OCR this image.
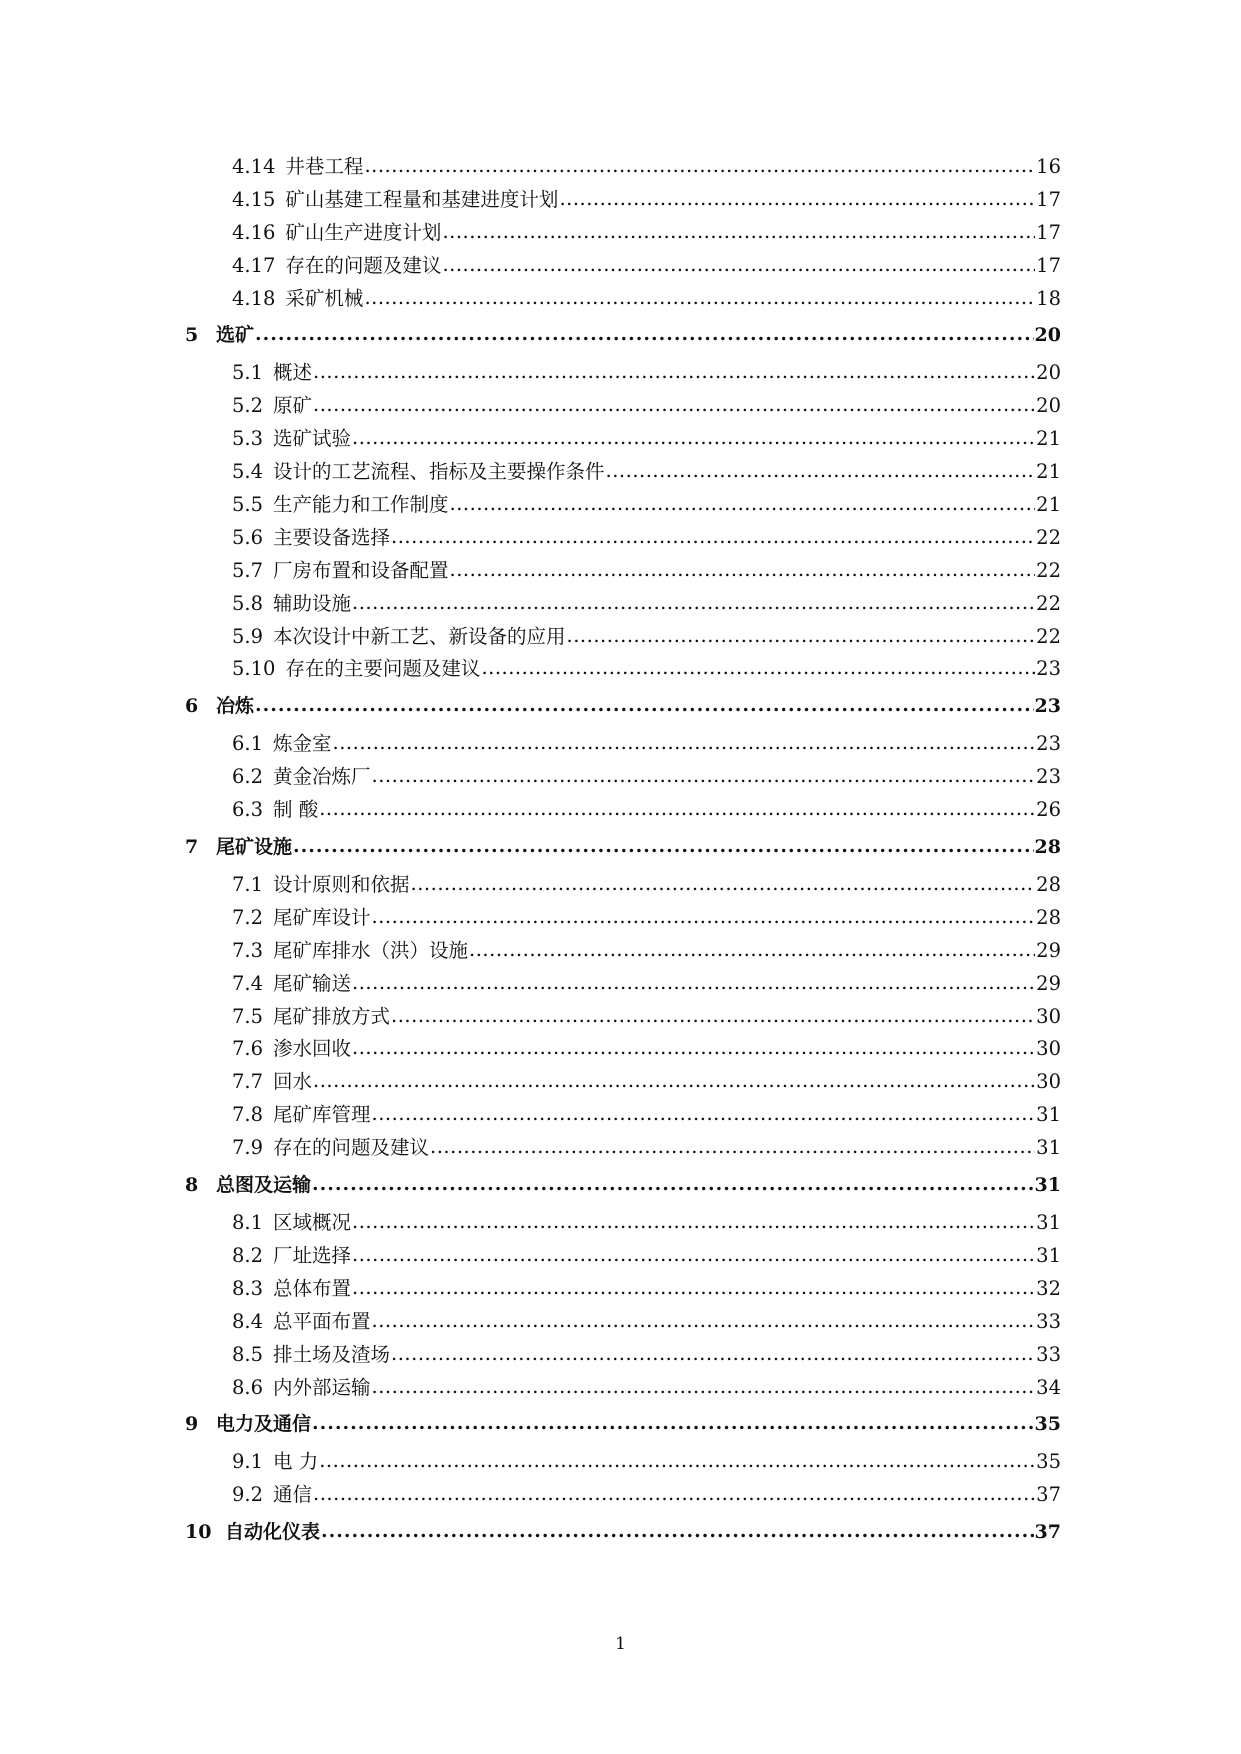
4.14 井巷工程 .....	16
4.15 矿山基建工程量和基建进度计划 .....	17
4.16 矿山生产进度计划 .....	17
4.17 存在的问题及建议 .....	17
4.18 采矿机械 .....	18
5 选矿 .....	20
5.1 概述 .....	20
5.2 原矿 .....	20
5.3 选矿试验 .....	21
5.4 设计的工艺流程、指标及主要操作条件 .....	21
5.5 生产能力和工作制度 .....	21
5.6 主要设备选择 .....	22
5.7 厂房布置和设备配置 .....	22
5.8 辅助设施 .....	22
5.9 本次设计中新工艺、新设备的应用 .....	22
5.10 存在的主要问题及建议 .....	23
6 冶炼 .....	23
6.1 炼金室 .....	23
6.2 黄金冶炼厂 .....	23
6.3 制 酸 .....	26
7 尾矿设施 .....	28
7.1 设计原则和依据 .....	28
7.2 尾矿库设计 .....	28
7.3 尾矿库排水（洪）设施 .....	29
7.4 尾矿输送 .....	29
7.5 尾矿排放方式 .....	30
7.6 渗水回收 .....	30
7.7 回水 .....	30
7.8 尾矿库管理 .....	31
7.9 存在的问题及建议 .....	31
8 总图及运输 .....	31
8.1 区域概况 .....	31
8.2 厂址选择 .....	31
8.3 总体布置 .....	32
8.4 总平面布置 .....	33
8.5 排土场及渣场 .....	33
8.6 内外部运输 .....	34
9 电力及通信 .....	35
9.1 电 力 .....	35
9.2 通信 .....	37
10 自动化仪表 .....	37
1
